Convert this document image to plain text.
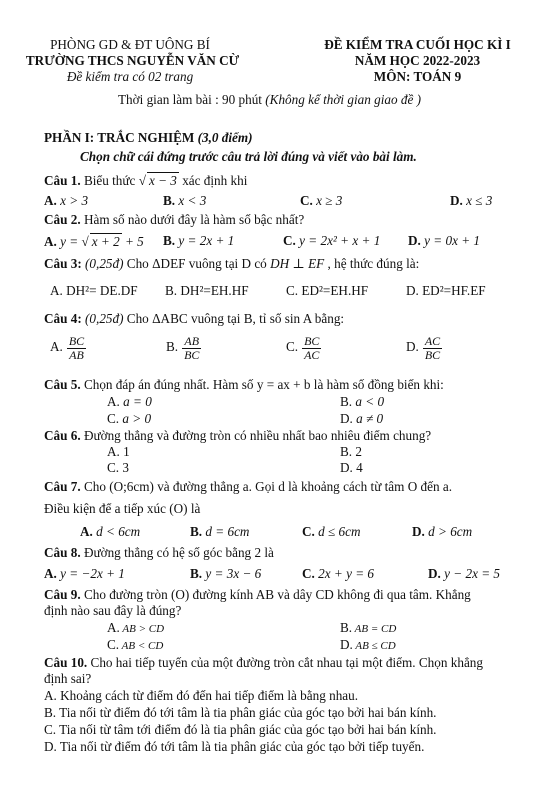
PHÒNG GD & ĐT UÔNG BÍ
TRƯỜNG THCS NGUYỄN VĂN CỪ
Đề kiểm tra có 02 trang
ĐỀ KIỂM TRA CUỐI HỌC KÌ I
NĂM HỌC 2022-2023
MÔN: TOÁN 9
Thời gian làm bài : 90 phút (Không kể thời gian giao đề )
PHẦN I: TRẮC NGHIỆM (3,0 điểm)
Chọn chữ cái đứng trước câu trả lời đúng và viết vào bài làm.
Câu 1. Biểu thức √ x − 3 xác định khi
A. x > 3	B. x < 3	C. x ≥ 3	D. x ≤ 3
Câu 2. Hàm số nào dưới đây là hàm số bậc nhất?
A. y = √ x + 2 + 5 B. y = 2x + 1	C. y = 2x² + x + 1 D. y = 0x + 1
Câu 3: (0,25đ) Cho ΔDEF vuông tại D có DH ⊥ EF , hệ thức đúng là:
A. DH²= DE.DF B. DH²=EH.HF	C. ED²=EH.HF	D. ED²=HF.EF
Câu 4: (0,25đ) Cho ΔABC vuông tại B, tỉ số sin A bằng:
A. $\frac{BC}{AB}$	B. $\frac{AB}{BC}$	C. $\frac{BC}{AC}$	D. $\frac{AC}{BC}$
Câu 5. Chọn đáp án đúng nhất. Hàm số y = ax + b là hàm số đồng biến khi:
A. a = 0	B. a < 0
C. a > 0	D. a ≠ 0
Câu 6. Đường thẳng và đường tròn có nhiều nhất bao nhiêu điểm chung?
A. 1	B. 2
C. 3	D. 4
Câu 7. Cho (O;6cm) và đường thẳng a. Gọi d là khoảng cách từ tâm O đến a.
Điều kiện để a tiếp xúc (O) là
A. d < 6cm	B. d = 6cm	C. d ≤ 6cm	D. d > 6cm
Câu 8. Đường thẳng có hệ số góc bằng 2 là
A. y = −2x + 1	B. y = 3x − 6	C. 2x + y = 6	D. y − 2x = 5
Câu 9. Cho đường tròn (O) đường kính AB và dây CD không đi qua tâm. Khẳng
định nào sau đây là đúng?
A. AB > CD	B. AB = CD
C. AB < CD	D. AB ≤ CD
Câu 10. Cho hai tiếp tuyến của một đường tròn cắt nhau tại một điểm. Chọn khẳng
định sai?
A. Khoảng cách từ điểm đó đến hai tiếp điểm là bằng nhau.
B. Tia nối từ điểm đó tới tâm là tia phân giác của góc tạo bởi hai bán kính.
C. Tia nối từ tâm tới điểm đó là tia phân giác của góc tạo bởi hai bán kính.
D. Tia nối từ điểm đó tới tâm là tia phân giác của góc tạo bởi tiếp tuyến.
